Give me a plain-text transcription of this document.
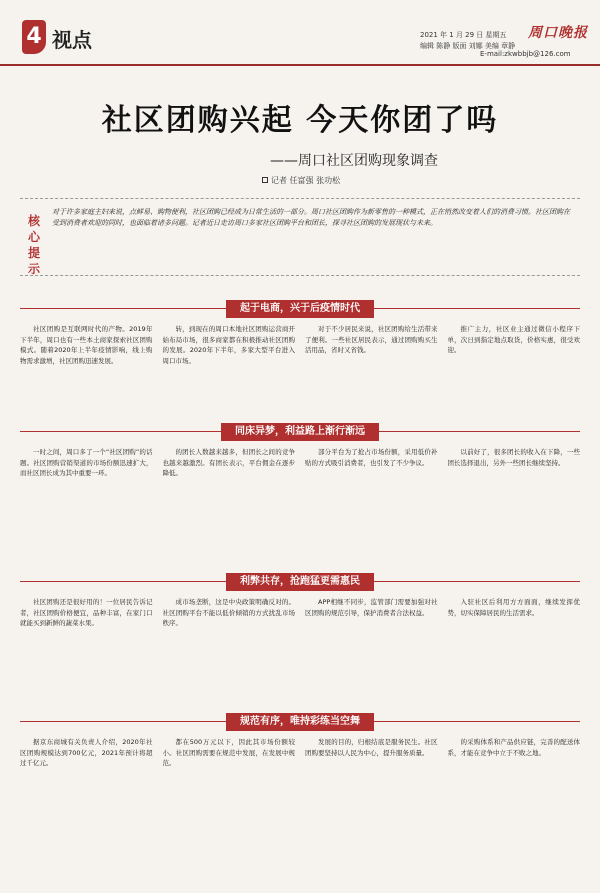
4 视点	2021 年 1 月 29 日 星期五
编辑 陈静 版面 刘娜 美编 章静
周口晚报
E-mail:zkwbbjb@126.com
社区团购兴起 今天你团了吗
——周口社区团购现象调查
记者 任富强 张功松
核心提示
对于许多家庭主妇来说，点鲜易、购物便利，社区团购已经成为日常生活的一部分。周口社区团购作为新零售的一种模式，正在悄然改变着人们的消费习惯。社区团购在受到消费者欢迎的同时，也面临着诸多问题。记者近日走访周口多家社区团购平台和团长，探寻社区团购的发展现状与未来。
起于电商，兴于后疫情时代

社区团购是互联网时代的产物。2019年下半年，周口也有一些本土商家探索社区团购模式。随着2020年上半年疫情影响，线上购物需求激增，社区团购迅速发展。

转，到现在的周口本地社区团购运营商开始布局市场，很多商家都在积极推动社区团购的发展。2020年下半年，多家大型平台进入周口市场。

对于不少居民来说，社区团购给生活带来了便利。一些社区居民表示，通过团购购买生活用品，省时又省钱。

推广主力，社区业主通过微信小程序下单，次日到指定地点取货，价格实惠，很受欢迎。

同床异梦，利益路上渐行渐远

一时之间，周口多了一个“社区团购”的话题。社区团购营销渠道的市场份额迅速扩大，而社区团长成为其中重要一环。

的团长人数越来越多，但团长之间的竞争也越来越激烈。有团长表示，平台佣金在逐步降低。

部分平台为了抢占市场份额，采用低价补贴的方式吸引消费者，也引发了不少争议。

以前好了，很多团长的收入在下降，一些团长选择退出，另外一些团长继续坚持。

利弊共存，抢跑猛更需惠民

社区团购还是很好用的！一位居民告诉记者，社区团购价格便宜，品种丰富，在家门口就能买到新鲜的蔬菜水果。

成市场垄断，这是中央政策明确反对的。社区团购平台不能以低价倾销的方式扰乱市场秩序。

APP相继不同步，监管部门需要加强对社区团购的规范引导，保护消费者合法权益。

入驻社区后利用方方面面，继续发挥优势，切实保障居民的生活需求。

规范有序，唯持彩练当空舞

据京东商城有关负责人介绍，2020年社区团购规模达到700亿元，2021年预计将超过千亿元。

都在500万元以下，因此其市场份额较小。社区团购需要在规范中发展，在发展中规范。

发展的目的，归根结底是服务民生。社区团购要坚持以人民为中心，提升服务质量。

的采购体系和产品供应链，完善的配送体系，才能在竞争中立于不败之地。
